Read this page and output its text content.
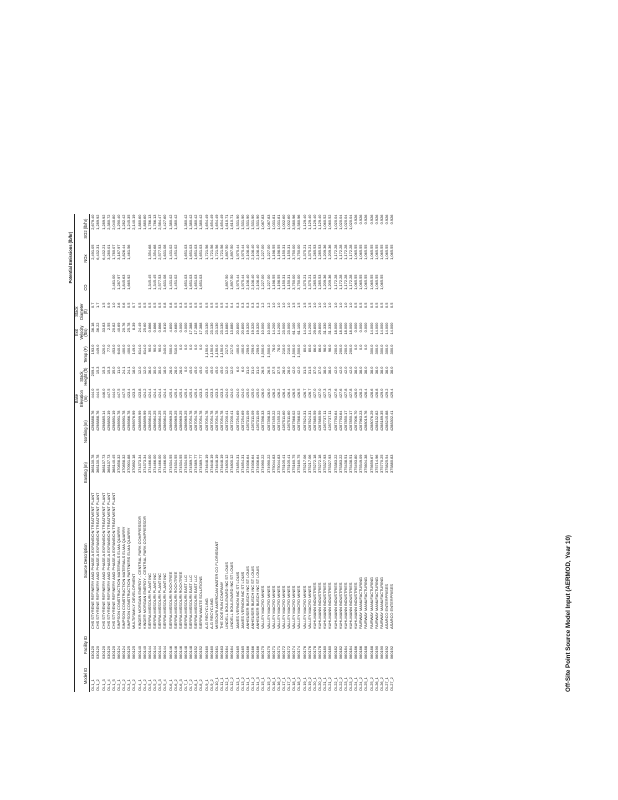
Off-Site Point Source Model Input (AERMOD, Year 10)
										Potential Emissions (lb/hr)		
Model ID	Facility ID	Source Description	Easting (m)	Northing (m)	Base Elevation (m)	Stack Height (ft)	Temp (F)	Exit Velocity (ft/s)	Stack Diameter (ft)	CO	NOx	SO2 (lb/hr)
OL1_1	030120	CHS STYRENE REFINERY AND PHASE A EXPANSION TREATMENT PLANT	368130.78	4298888.76	444.0	209.4	193.0	36.18	0.7		2,491.05	2,679.40
OL1_2	030120	CHS STYRENE REFINERY AND PHASE A EXPANSION TREATMENT PLANT	368130.78	4298888.76	444.5	15.3	449.0	36.22	1.7		6,432.31	1,289.92
OL1_3	030120	CHS STYRENE REFINERY AND PHASE A EXPANSION TREATMENT PLANT	368137.73	4298885.14	446.0	15.3	320.0	33.83	1.5		6,432.21	1,289.92
OL1_4	030120	CHS STYRENE REFINERY AND PHASE A EXPANSION TREATMENT PLANT	368137.73	4298892.19	447.5	15.3	77.0	2.55	0.9		3,280.01	2,380.72
OL1_5	030120	CHS STYRENE REFINERY AND PHASE A EXPANSION TREATMENT PLANT	368140.45	4298891.19	444.0	35.0	453.0	20.82	1.0	2,481.00	1,780.07	2,040.80
OL2_1	060124	SIMPSON CONSTRUCTION MATERIALS ELMA QUARRY	370858.32	4298991.78	447.5	11.0	640.0	40.69	3.6	1,287.97	3,187.97	1,290.40
OL2_2	060124	SIMPSON CONSTRUCTION MATERIALS ELMA QUARRY	370858.32	4298991.78	447.5	24.1	400.0	20.76	0.6	1,845.63	1,826.44	1,282.42
OL3_1	060125	SIMPSON CONSTRUCTION PARTNERS ELMA QUARRY	370901.88	4298986.78	423.4	24.1	400.0	25.78	0.5	1,665.92	1,461.56	1,245.35
OL3_2	060125	MULTIFAMILY DEVELOPMENT	370892.18	4298976.99	423.3	18.0	149.0	8.39	0.7			2,140.19
OL4_1	060140	KINDER MORGAN ENERGY - CENTRAL PARK COMPRESSOR	374373.34	4286899.99	423.8	12.0	814.0	24.49	0.5			1,880.60
OL4_2	060140	KINDER MORGAN ENERGY - CENTRAL PARK COMPRESSOR	374373.34	4286899.99	424.2	12.0	814.0	25.60	0.5			1,880.60
OL5_1	060144	SIERRA MISSOURI PLANT INC	374466.00	4286984.25	424.4	36.0	90.0	0.866	0.5	1,345.45	1,354.68	1,786.13
OL5_2	060144	SIERRA MISSOURI PLANT INC	374466.00	4286984.25	424.4	30.0	90.0	0.866	0.5	1,345.45	1,354.68	1,786.13
OL5_3	060144	SIERRA MISSOURI PLANT INC	374466.00	4286984.25	424.4	30.0	90.0	0.866	0.5	2,577.53	2,577.53	2,584.47
OL5_4	060144	SIERRA MISSOURI PLANT INC	374466.00	4286984.25	424.4	18.0	340.0	3.610	0.8	1,631.08	1,631.08	1,427.60
OL6_1	060146	SIERRA MISSOURI ROCKTREE	374534.55	4286969.25	425.4	28.0	500.0	4.800	0.8	1,431.02	1,431.02	1,380.42
OL6_2	060146	SIERRA MISSOURI ROCKTREE	374534.55	4286969.25	425.4	28.0	510.0	0.680	0.5	1,451.02	1,451.02	1,380.42
OL6_3	060146	SIERRA MISSOURI ROCKTREE	374534.55	4286969.25	425.4	28.0	0.0	0.000	0.3			
OL7_1	060148	SIERRA MISSOURI EAST LLC	374534.55	4286969.25	425.4	0.0	0.0	0.000	0.5	1,651.03	1,651.03	1,380.42
OL7_2	060148	SIERRA MISSOURI EAST LLC	374589.77	4287054.78	425.4	45.0	0.0	17.388	0.5	1,651.03	1,651.03	1,380.42
OL8_1	060152	SIERRA MISSOURI EAST LLC	374589.77	4287054.78	425.4	45.0	0.0	17.388	0.5	1,651.03	1,651.03	1,380.42
OL8_2	060152	SIERRA WASTE SOLUTIONS	374589.77	4287054.78	423.3	45.0	0.0	17.388	0.5	1,651.03	1,651.03	1,380.42
OL9_1	060160	A-G RECYCLING	374648.19	4287054.78	423.3	45.0	1,150.0	23.130	0.5		1,721.56	1,654.49
OL9_2	060160	A-G RECYCLING	374648.19	4287054.78	423.3	45.0	1,150.0	23.130	0.5		1,721.56	1,654.49
OL10_1	060161	MISSOURI AMERICAN WATER CO FLORISSANT	374648.19	4287054.78	423.3	45.0	1,150.0	23.130	0.5		1,721.56	1,654.49
OL11_1	060163	THE DOE RUN COMPANY	374648.19	4287054.78	423.3	45.0	1,150.0	23.130	0.5		1,721.56	1,654.49
OL12_1	060164	LINDELL BOULEVARD INC ST LOUIS	374800.12	4287200.41	424.0	12.0	217.0	13.880	0.4	1,897.50	1,897.50	1,610.71
OL12_2	060164	LINDELL BOULEVARD INC ST LOUIS	374800.12	4287200.41	424.0	12.0	217.0	13.880	0.4	1,897.50	1,897.50	1,610.71
OL13_1	060165	JAMES VERNON INC ST LOUIS	374854.31	4287254.69	424.0	6.0	400.0	20.800	0.3	1,975.44	1,975.44	1,531.90
OL13_2	060165	JAMES VERNON INC ST LOUIS	374854.31	4287254.69	424.0	6.0	400.0	20.800	0.3	1,975.44	1,975.44	1,531.90
OL14_1	060166	ANHEUSER BUSCH INC ST LOUIS	374936.64	4287311.09	425.0	31.0	259.0	19.320	0.3	2,108.40	2,108.40	1,531.90
OL14_2	060166	ANHEUSER BUSCH INC ST LOUIS	374936.64	4287311.09	425.0	31.0	259.0	19.320	0.3	2,108.40	2,108.40	1,531.90
OL14_3	060166	ANHEUSER BUSCH INC ST LOUIS	374936.64	4287311.09	425.0	31.0	259.0	19.320	0.3	2,108.40	2,108.40	1,531.90
OL15_1	060170	VALLEY MACRO MINES	374990.22	4287398.33	426.0	26.5	1,500.0	10.000	1.2	1,227.00	1,227.00	1,087.83
OL15_2	060170	VALLEY MACRO MINES	374990.22	4287398.33	426.0	26.5	1,500.0	10.000	1.2	1,227.00	1,227.00	1,087.83
OL16_1	060171	VALLEY MACRO MINES	375044.83	4287455.22	426.2	37.5	78.0	14.200	1.0	1,198.55	1,198.55	1,031.81
OL16_2	060171	VALLEY MACRO MINES	375044.83	4287455.22	426.2	37.5	78.0	14.200	1.0	1,198.55	1,198.55	1,031.81
OL17_1	060172	VALLEY MACRO MINES	375105.41	4287511.60	426.4	28.0	210.0	23.000	1.0	1,150.31	1,150.31	1,002.60
OL17_2	060172	VALLEY MACRO MINES	375105.41	4287511.60	426.4	28.0	210.0	23.000	1.0	1,150.31	1,150.31	1,002.60
OL18_1	060174	VALLEY MACRO MINES	375160.75	4287568.02	426.5	42.0	1,500.0	61.100	1.5	3,750.00	3,750.00	3,580.96
OL18_2	060174	VALLEY MACRO MINES	375160.75	4287568.02	426.5	42.0	1,500.0	61.100	1.5	3,750.00	3,750.00	3,580.96
OL19_1	060176	VALLEY MACRO MINES	375217.06	4287624.31	426.7	31.5	80.0	14.200	1.5	1,375.21	1,375.21	1,129.40
OL19_2	060176	VALLEY MACRO MINES	375217.06	4287624.31	426.7	31.5	80.0	14.200	1.5	1,375.21	1,375.21	1,129.40
OL20_1	060178	KUHLMANN INDUSTRIES	375272.18	4287680.59	427.0	37.0	86.0	29.800	1.0	1,285.53	1,285.53	1,129.40
OL20_2	060178	KUHLMANN INDUSTRIES	375272.18	4287680.59	427.0	37.0	86.0	29.800	1.0	1,285.53	1,285.53	1,129.40
OL21_1	060180	KUHLMANN INDUSTRIES	375327.93	4287737.11	427.3	38.0	98.0	31.330	1.0	1,209.36	1,209.36	1,060.52
OL21_2	060180	KUHLMANN INDUSTRIES	375327.93	4287737.11	427.3	38.0	98.0	31.330	1.0	1,209.36	1,209.36	1,060.52
OL22_1	060182	KUHLMANN INDUSTRIES	375383.22	4287793.64	427.6	42.0	200.0	18.000	1.0	1,172.28	1,172.28	1,020.04
OL22_2	060182	KUHLMANN INDUSTRIES	375383.22	4287793.64	427.6	42.0	200.0	18.000	1.0	1,172.28	1,172.28	1,020.04
OL23_1	060184	KUHLMANN INDUSTRIES	375438.51	4287850.17	427.8	42.0	200.0	18.000	1.0	1,172.28	1,172.28	1,020.04
OL23_2	060184	KUHLMANN INDUSTRIES	375438.51	4287850.17	427.8	42.0	200.0	18.000	1.0	1,172.28	1,172.28	1,020.04
OL24_1	060186	KUHLMANN INDUSTRIES	375493.80	4287906.70	428.0	38.0	0.0	0.000	0.5	1,065.55	1,065.55	0.926
OL24_2	060186	FAIRWAY MANUFACTURING	375549.09	4287963.23	428.2	38.0	0.0	0.000	0.5	1,065.55	1,065.55	0.926
OL25_1	060188	FAIRWAY MANUFACTURING	375604.38	4288019.76	428.4	38.0	0.0	0.000	0.5	1,065.55	1,065.55	0.926
OL25_2	060188	FAIRWAY MANUFACTURING	375659.67	4288076.29	428.6	38.0	300.0	14.000	0.5	1,065.55	1,065.55	0.926
OL26_1	060190	FAIRWAY MANUFACTURING	375714.96	4288132.82	428.8	38.0	300.0	14.000	0.5	1,065.55	1,065.55	0.926
OL26_2	060190	FAIRWAY MANUFACTURING	375770.25	4288189.35	429.0	38.0	300.0	14.000	0.5	1,065.55	1,065.55	0.926
OL27_1	060192	ASARCO ENTERPRISES	375825.54	4288245.88	429.2	38.0	300.0	14.000	0.5		1,065.55	0.926
OL27_2	060192	ASARCO ENTERPRISES	375880.83	4288302.41	429.4	38.0	300.0	14.000	0.5		1,065.55	0.926
